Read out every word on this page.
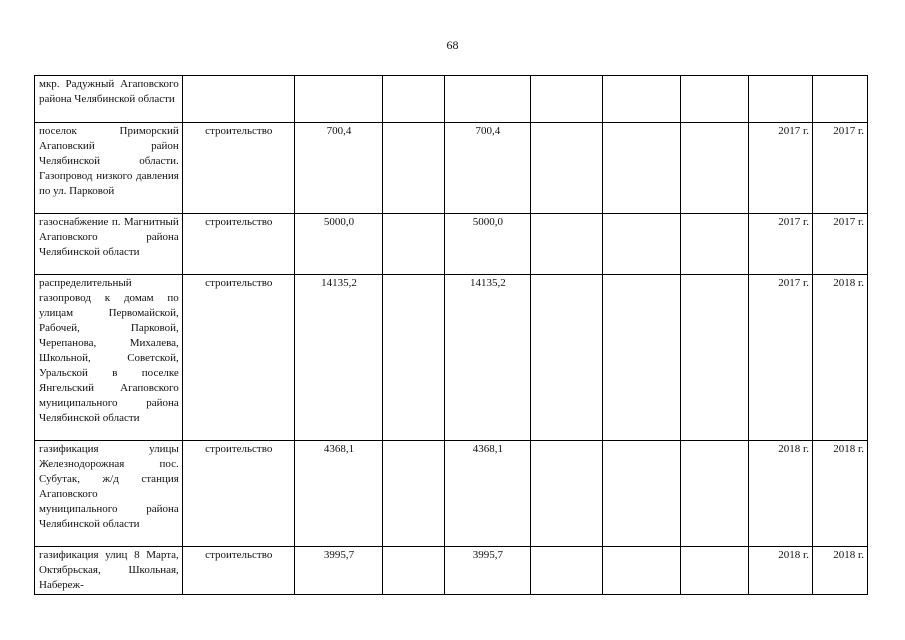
68
мкр. Радужный Агаповского района Челябинской области									
поселок Приморский Агаповский район Челябинской области. Газопровод низкого давления по ул. Парковой	строительство	700,4		700,4				2017 г.	2017 г.
газоснабжение п. Магнитный Агаповского района Челябинской области	строительство	5000,0		5000,0				2017 г.	2017 г.
распределительный газопровод к домам по улицам Первомайской, Рабочей, Парковой, Черепанова, Михалева, Школьной, Советской, Уральской в поселке Янгельский Агаповского муниципального района Челябинской области	строительство	14135,2		14135,2				2017 г.	2018 г.
газификация улицы Железнодорожная пос. Субутак, ж/д станция Агаповского муниципального района Челябинской области	строительство	4368,1		4368,1				2018 г.	2018 г.
газификация улиц 8 Марта, Октябрьская, Школьная, Набереж-	строительство	3995,7		3995,7				2018 г.	2018 г.
